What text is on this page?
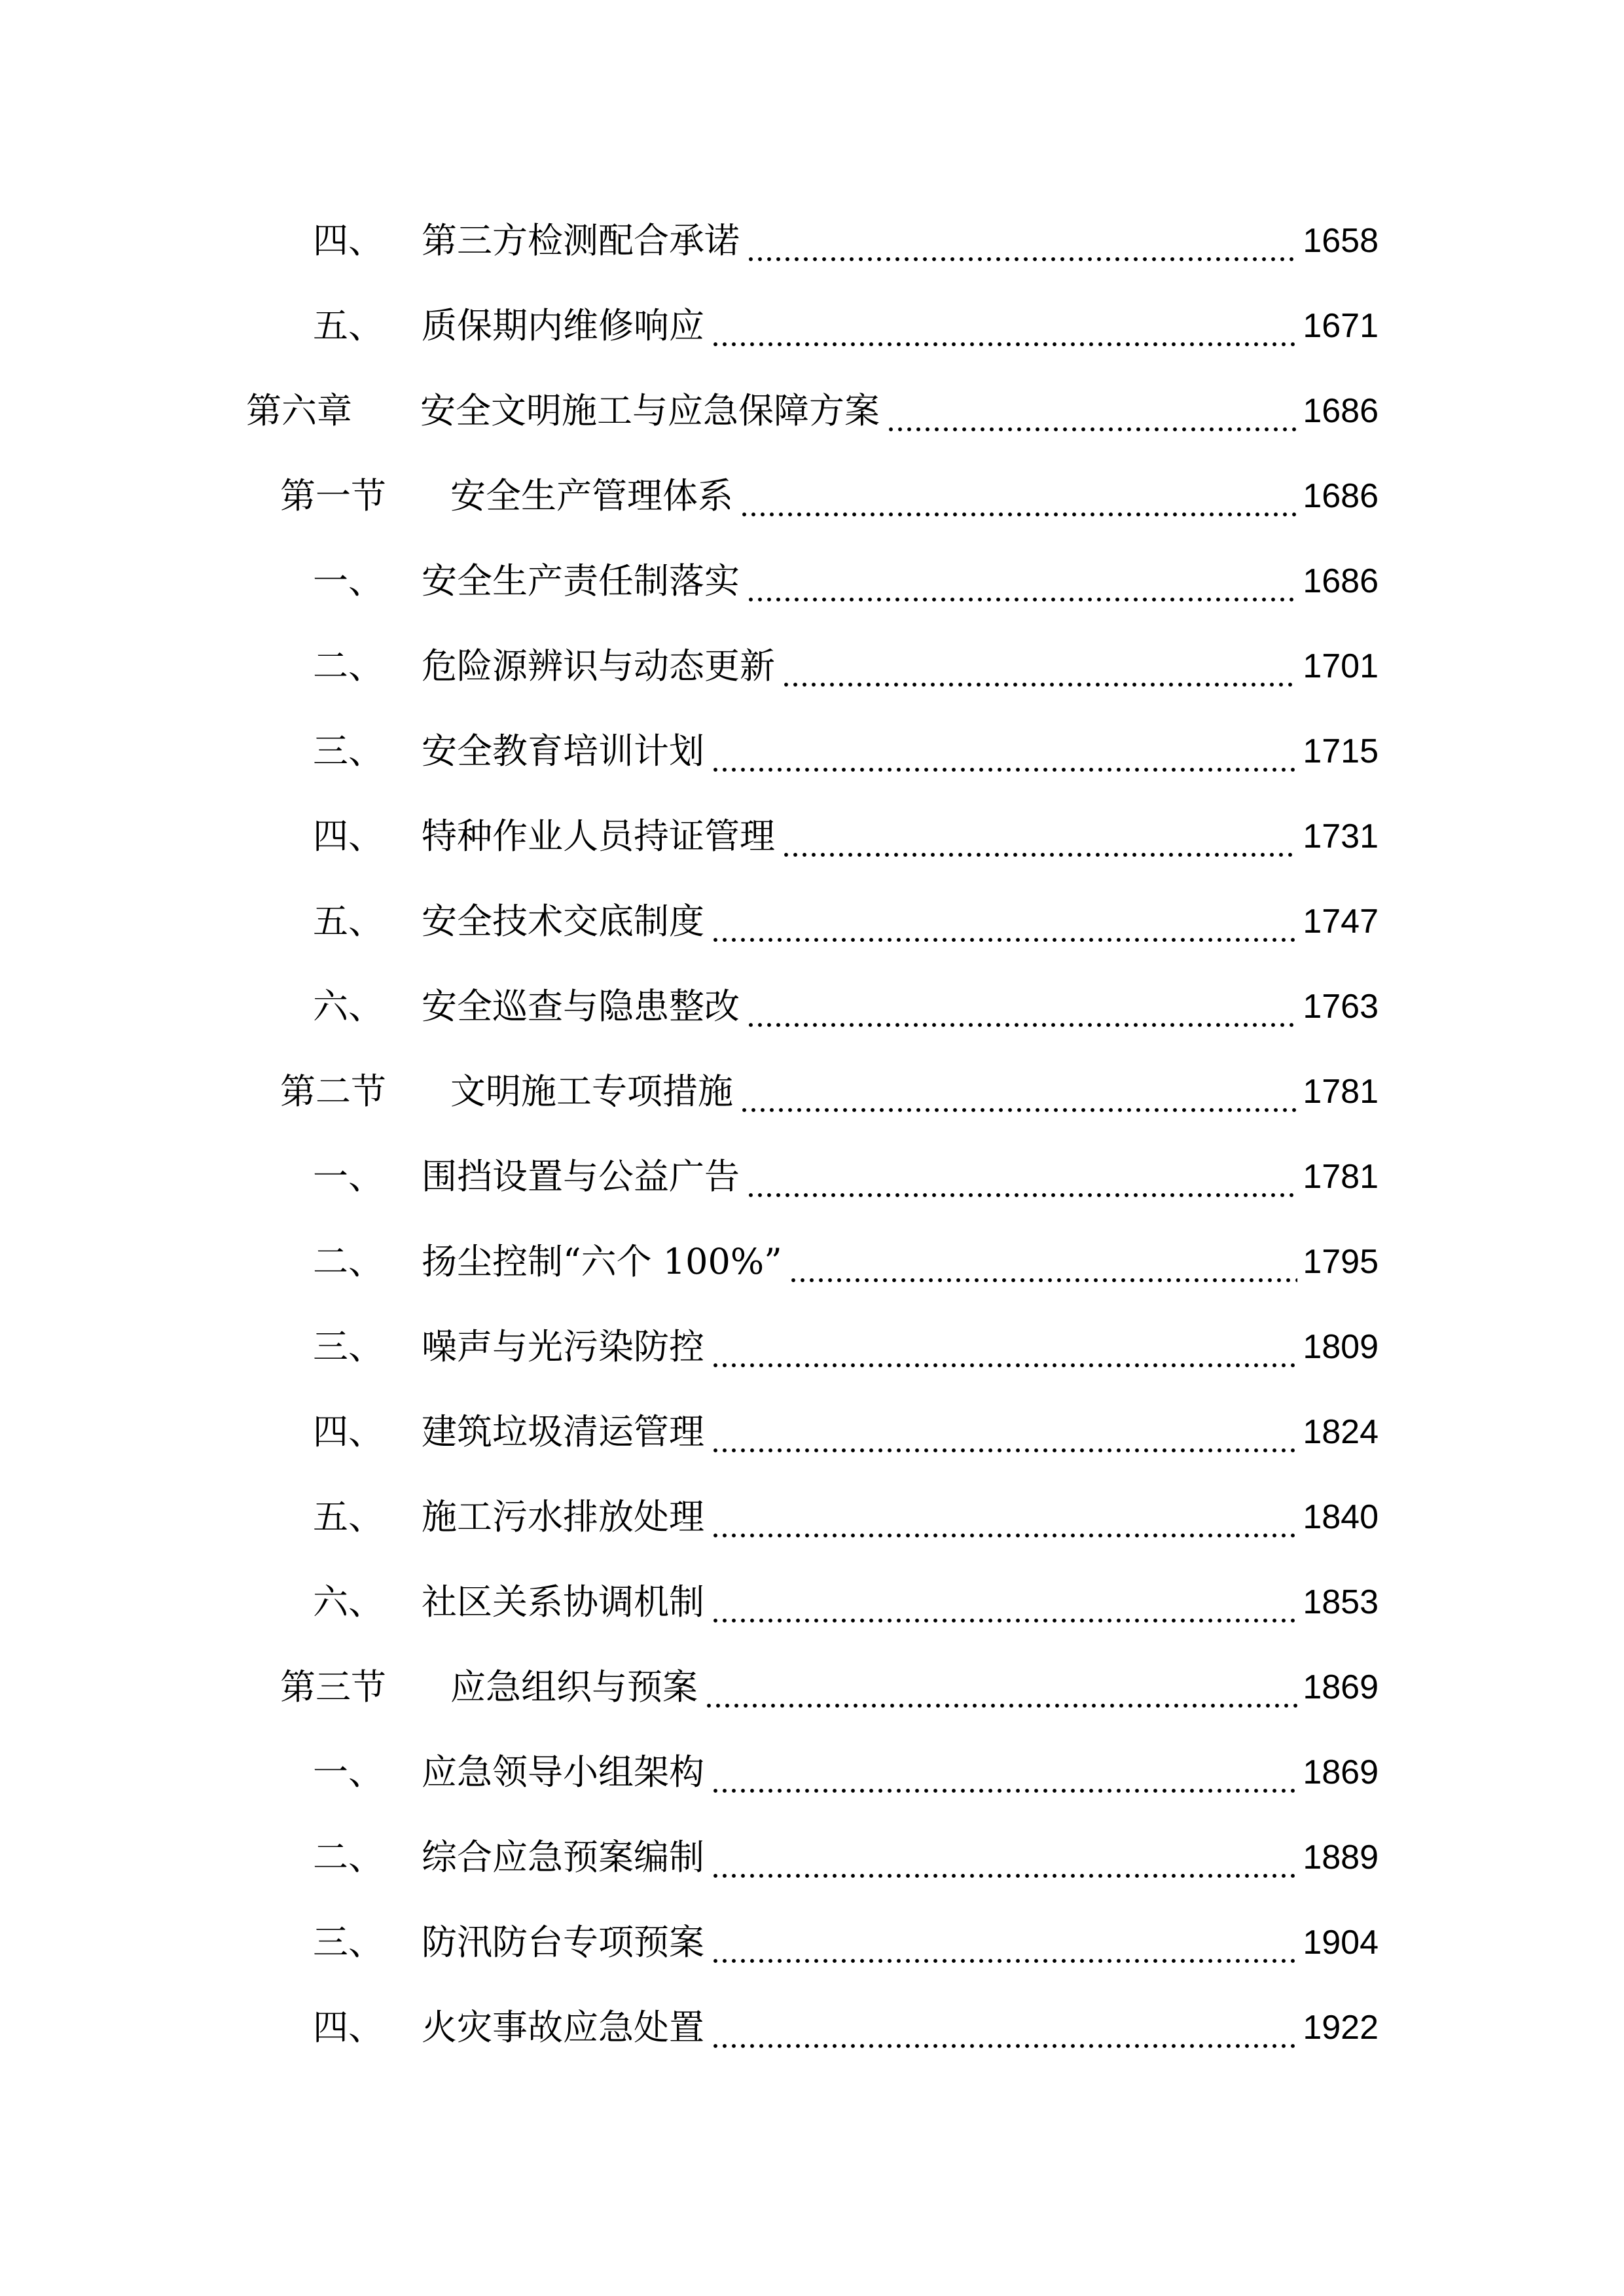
四、	第三方检测配合承诺	1658
五、	质保期内维修响应	1671
第六章	安全文明施工与应急保障方案	1686
第一节	安全生产管理体系	1686
一、	安全生产责任制落实	1686
二、	危险源辨识与动态更新	1701
三、	安全教育培训计划	1715
四、	特种作业人员持证管理	1731
五、	安全技术交底制度	1747
六、	安全巡查与隐患整改	1763
第二节	文明施工专项措施	1781
一、	围挡设置与公益广告	1781
二、	扬尘控制“六个 100%”	1795
三、	噪声与光污染防控	1809
四、	建筑垃圾清运管理	1824
五、	施工污水排放处理	1840
六、	社区关系协调机制	1853
第三节	应急组织与预案	1869
一、	应急领导小组架构	1869
二、	综合应急预案编制	1889
三、	防汛防台专项预案	1904
四、	火灾事故应急处置	1922
